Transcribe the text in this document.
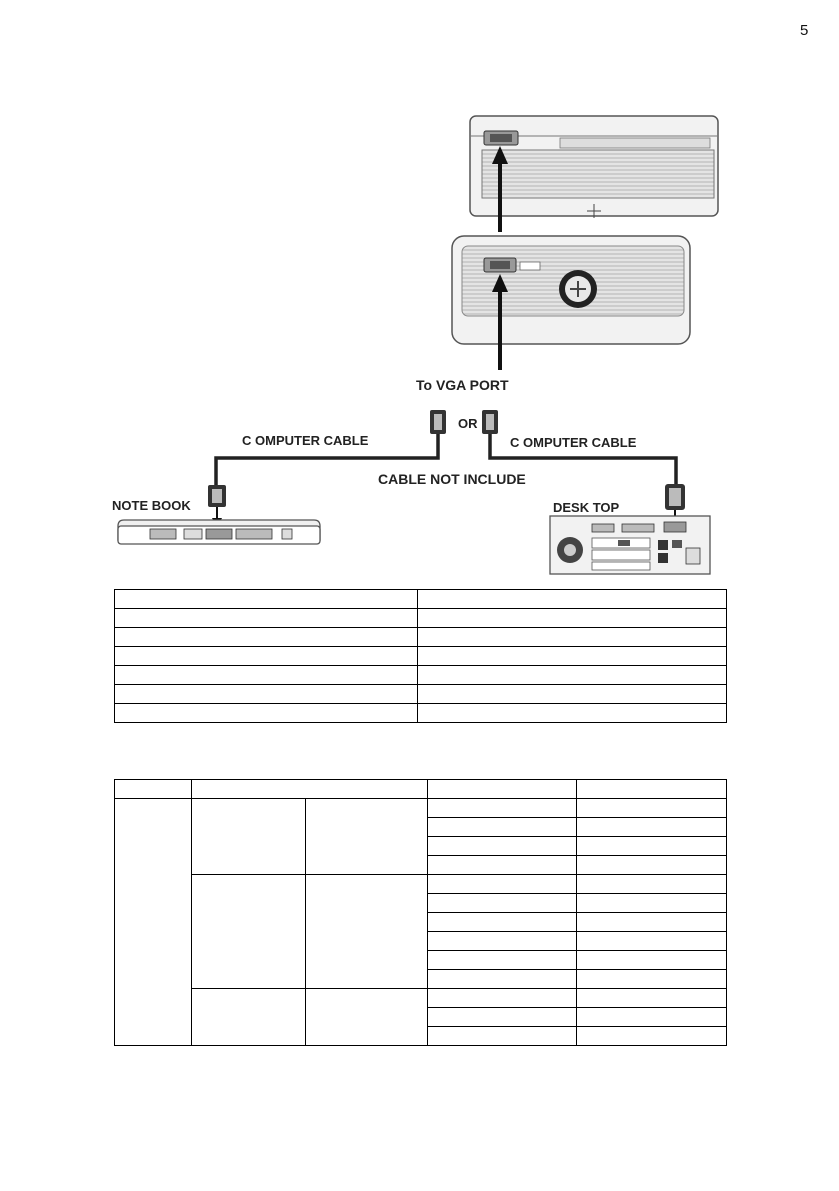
5
To VGA PORT
OR
C OMPUTER CABLE	C OMPUTER CABLE
CABLE NOT INCLUDE
NOTE BOOK	DESK TOP
